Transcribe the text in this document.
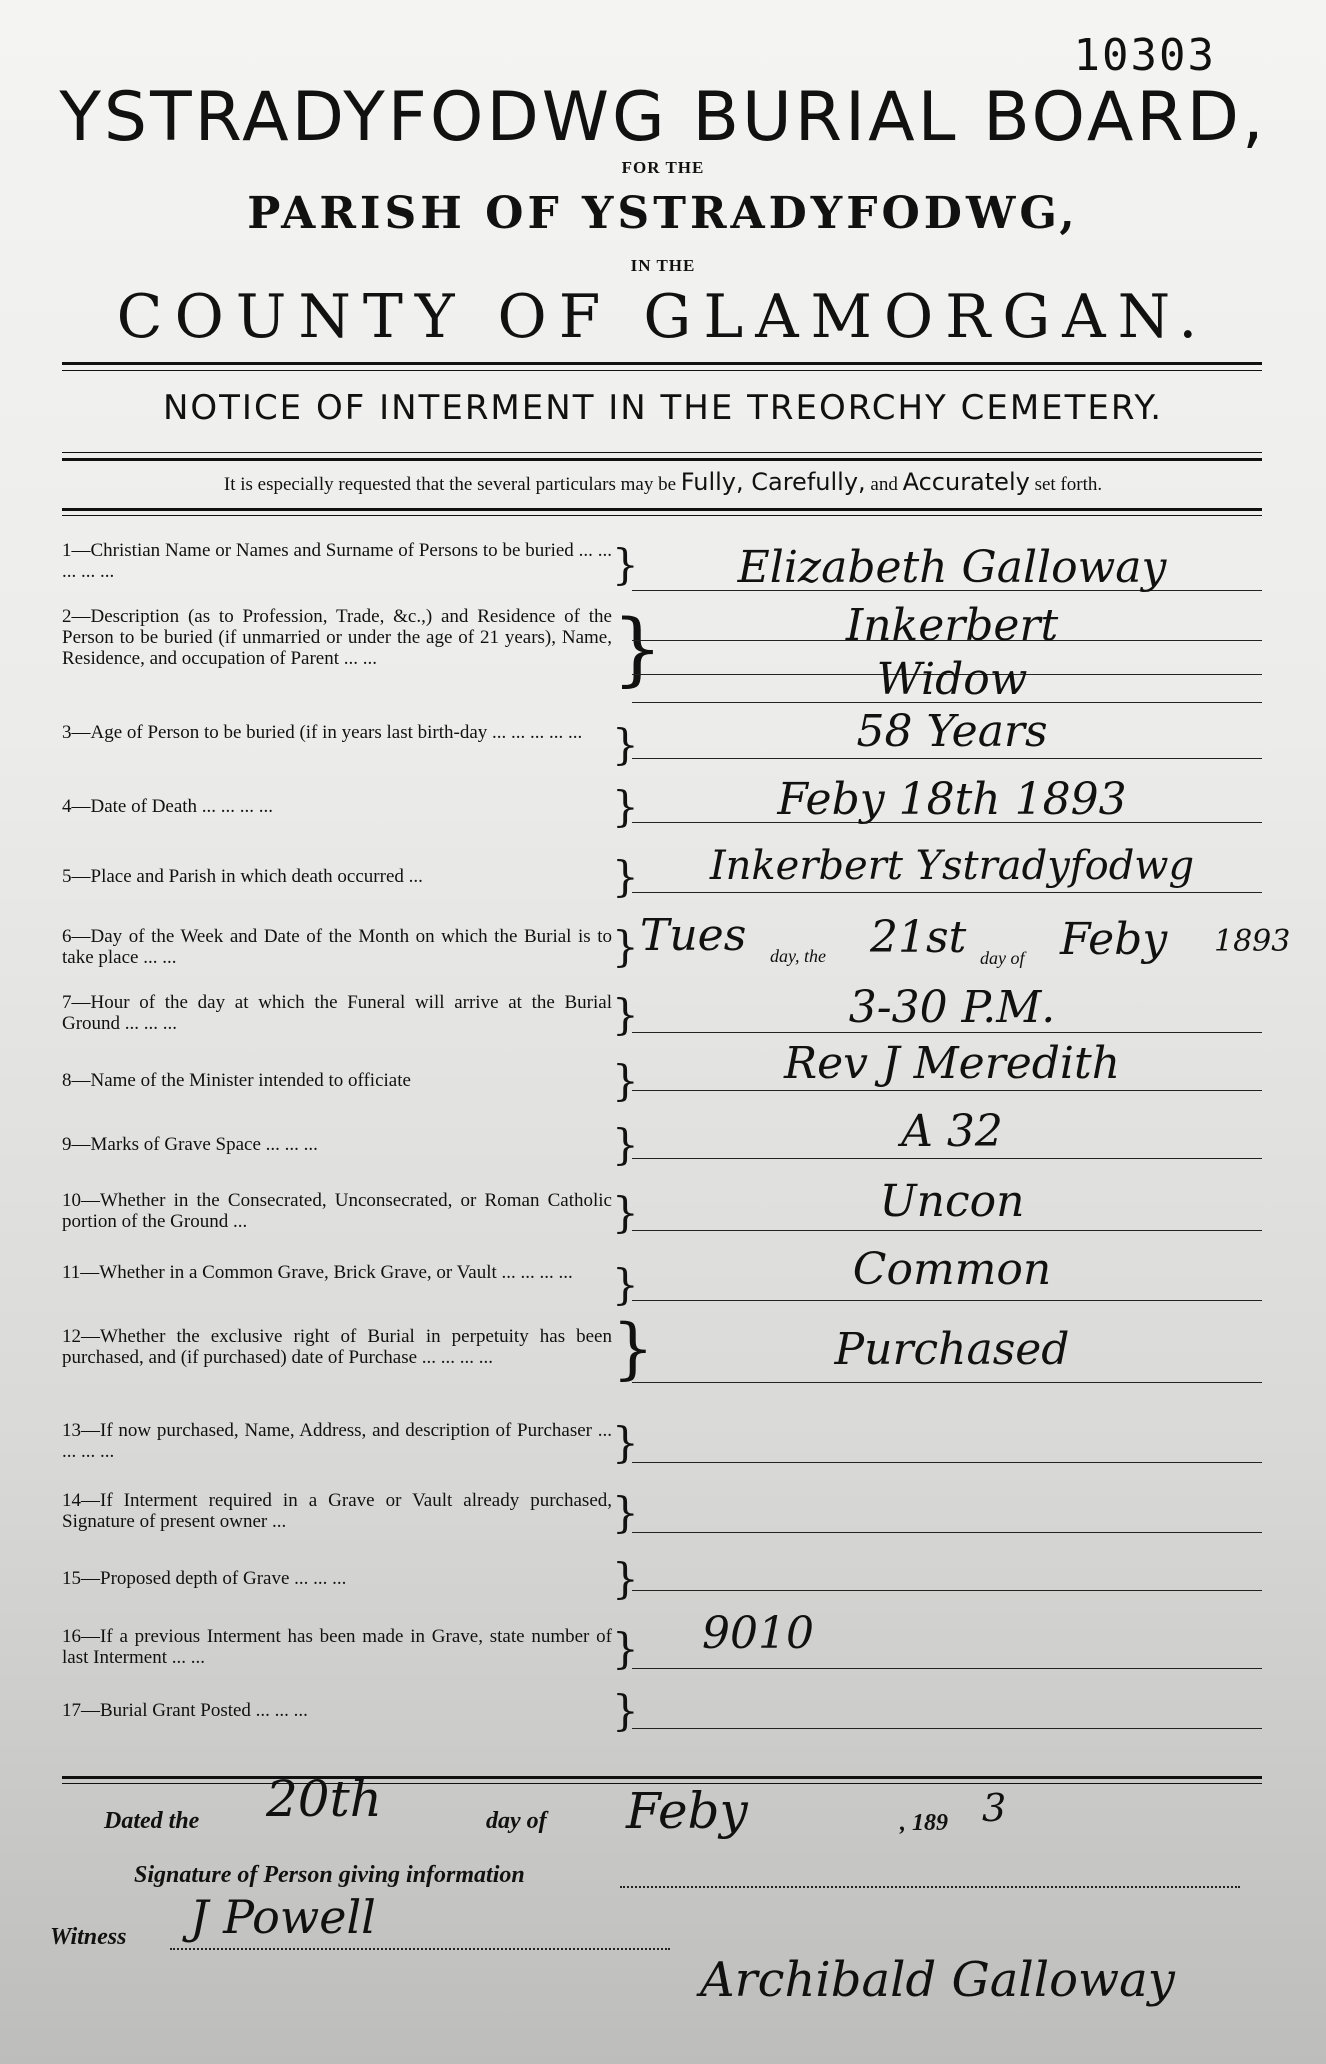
10303
YSTRADYFODWG BURIAL BOARD,
FOR THE
PARISH OF YSTRADYFODWG,
IN THE
COUNTY OF GLAMORGAN.
NOTICE OF INTERMENT IN THE TREORCHY CEMETERY.
It is especially requested that the several particulars may be Fully, Carefully, and Accurately set forth.
1—Christian Name or Names and Surname of Persons to be buried ... ... ... ... ...	}	Elizabeth Galloway
2—Description (as to Profession, Trade, &c.,) and Residence of the Person to be buried (if unmarried or under the age of 21 years), Name, Residence, and occupation of Parent ... ...	}	Inkerbert
Widow
3—Age of Person to be buried (if in years last birth-day ... ... ... ... ... }	58 Years
4—Date of Death ... ... ... ...	}	Feby 18th 1893
5—Place and Parish in which death occurred ...	}	Inkerbert Ystradyfodwg
6—Day of the Week and Date of the Month on which the Burial is to take place ... ...	} Tues day, the 21st day of Feby 1893
7—Hour of the day at which the Funeral will arrive at the Burial Ground ... ... ...	}	3-30 P.M.
8—Name of the Minister intended to officiate	}	Rev J Meredith
9—Marks of Grave Space ... ... ...	}	A 32
10—Whether in the Consecrated, Unconsecrated, or Roman Catholic portion of the Ground ...	}	Uncon
11—Whether in a Common Grave, Brick Grave, or Vault ... ... ... ... }	Common
12—Whether the exclusive right of Burial in perpetuity has been purchased, and (if purchased) date of Purchase ... ... ... ...	}	Purchased
13—If now purchased, Name, Address, and description of Purchaser ... ... ... ...	}
14—If Interment required in a Grave or Vault already purchased, Signature of present owner ...	}
15—Proposed depth of Grave ... ... ...	}
16—If a previous Interment has been made in Grave, state number of last Interment ... ...	} 9010
17—Burial Grant Posted ... ... ...	}
Dated the 20th	day of Feby	, 189 3
Signature of Person giving information
Witness J Powell
Archibald Galloway
